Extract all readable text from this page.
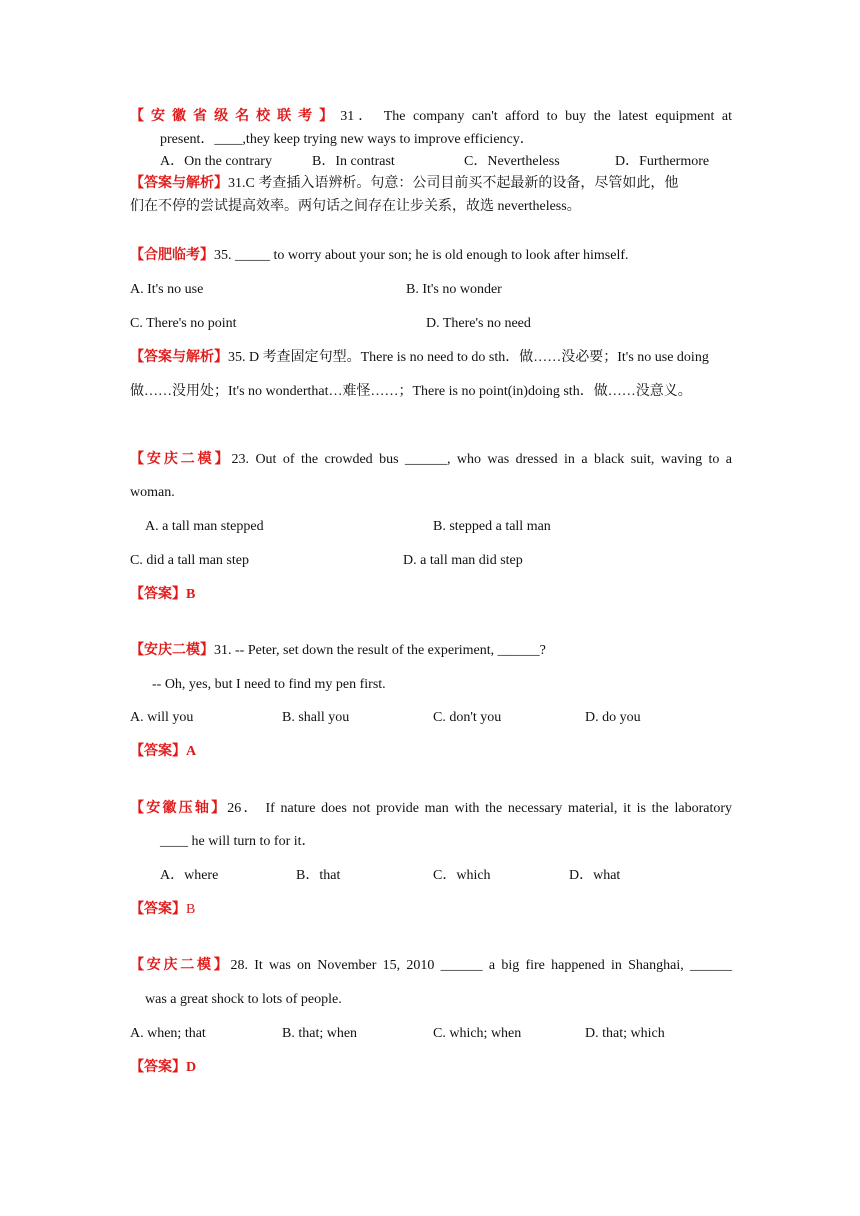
【安徽省级名校联考】31． The company can't afford to buy the latest equipment at
present．____,they keep trying new ways to improve efficiency．
A．On the contrary	B．In contrast	C．Nevertheless	D．Furthermore
【答案与解析】31.C 考查插入语辨析。句意：公司目前买不起最新的设备，尽管如此，他
们在不停的尝试提高效率。两句话之间存在让步关系，故选 nevertheless。
【合肥临考】35. _____ to worry about your son; he is old enough to look after himself.
A. It's no use	B. It's no wonder
C. There's no point	D. There's no need
【答案与解析】35. D 考查固定句型。There is no need to do sth．做……没必要；It's no use doing
做……没用处；It's no wonderthat…难怪……；There is no point(in)doing sth．做……没意义。
【安庆二模】23. Out of the crowded bus ______, who was dressed in a black suit, waving to a
woman.
A. a tall man stepped	B. stepped a tall man
C. did a tall man step	D. a tall man did step
【答案】B
【安庆二模】31. -- Peter, set down the result of the experiment, ______?
-- Oh, yes, but I need to find my pen first.
A. will you	B. shall you	C. don't you	D. do you
【答案】A
【安徽压轴】26． If nature does not provide man with the necessary material, it is the laboratory
____ he will turn to for it．
A．where	B．that	C．which	D．what
【答案】B
【安庆二模】28. It was on November 15, 2010 ______ a big fire happened in Shanghai, ______
was a great shock to lots of people.
A. when; that	B. that; when	C. which; when	D. that; which
【答案】D
